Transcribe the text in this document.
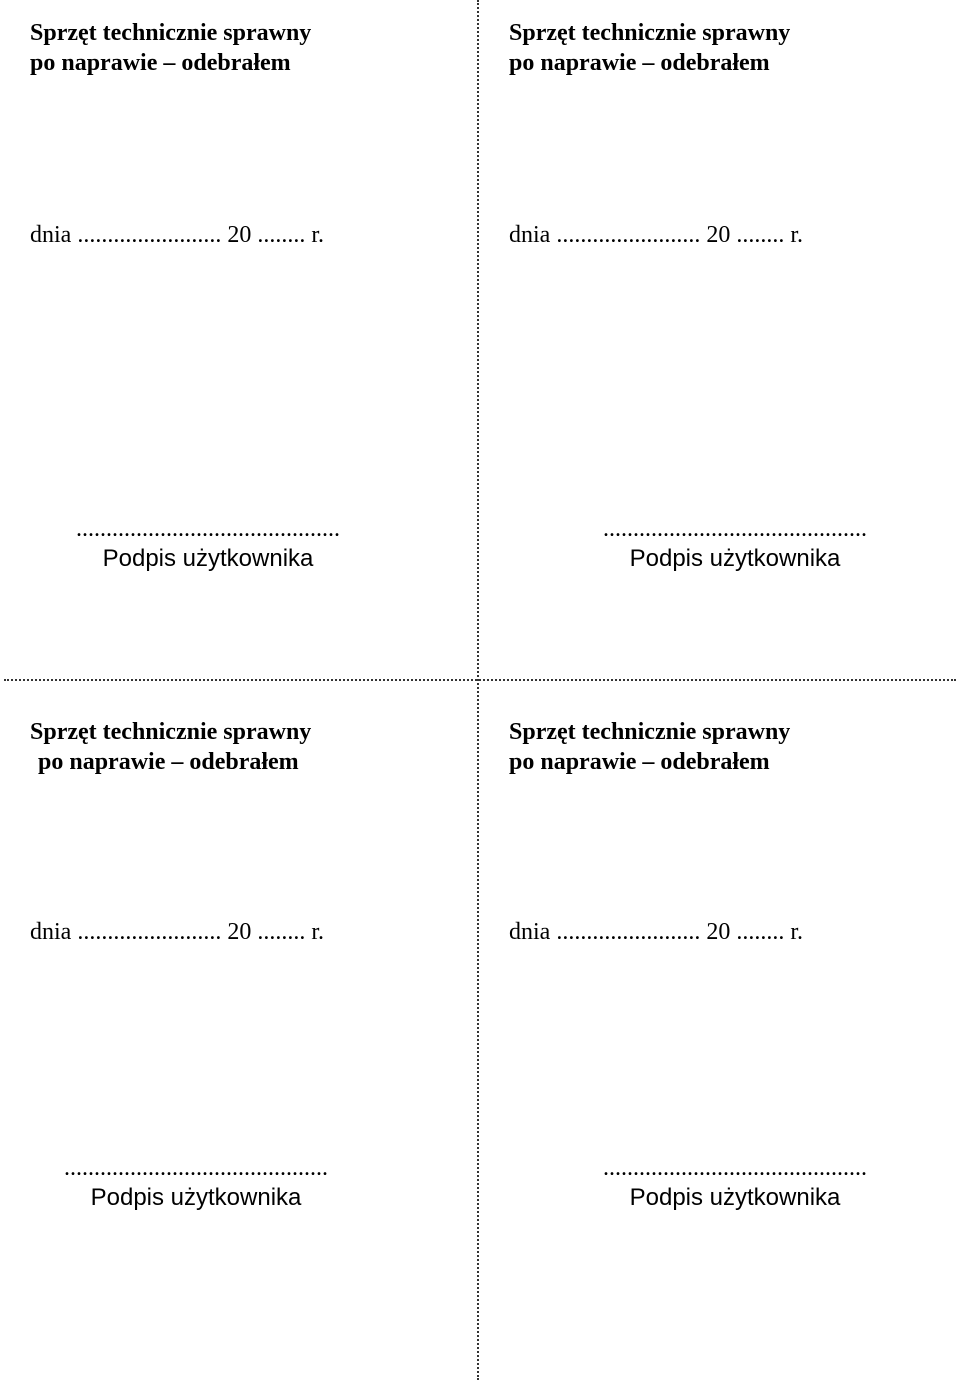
Sprzęt technicznie sprawny
po naprawie – odebrałem
dnia ........................ 20 ........ r.
............................................
Podpis użytkownika
Sprzęt technicznie sprawny
po naprawie – odebrałem
dnia ........................ 20 ........ r.
............................................
Podpis użytkownika
Sprzęt technicznie sprawny
po naprawie – odebrałem
dnia ........................ 20 ........ r.
............................................
Podpis użytkownika
Sprzęt technicznie sprawny
po naprawie – odebrałem
dnia ........................ 20 ........ r.
............................................
Podpis użytkownika
